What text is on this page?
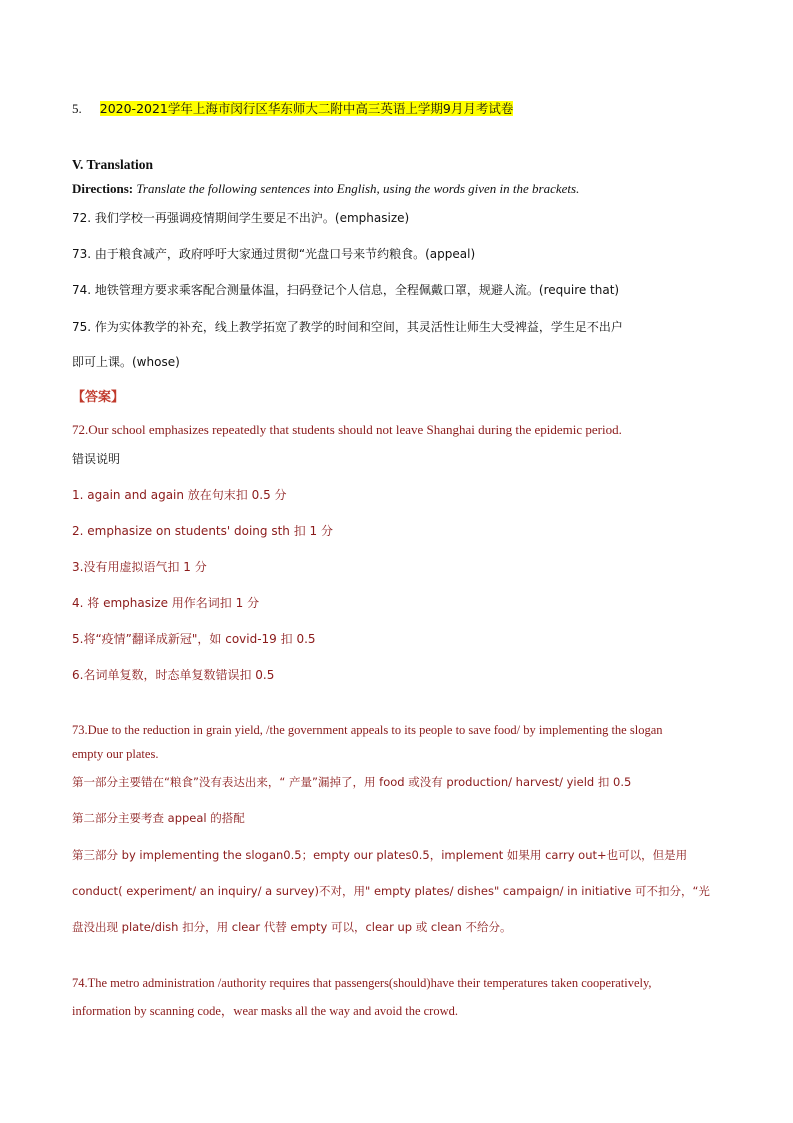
5. 2020-2021学年上海市闵行区华东师大二附中高三英语上学期9月月考试卷
V. Translation
Directions: Translate the following sentences into English, using the words given in the brackets.
72. 我们学校一再强调疫情期间学生要足不出沪。(emphasize)
73. 由于粮食减产，政府呼吁大家通过贯彻“光盘口号来节约粮食。(appeal)
74. 地铁管理方要求乘客配合测量体温，扫码登记个人信息，全程佩戴口罩，规避人流。(require that)
75. 作为实体教学的补充，线上教学拓宽了教学的时间和空间，其灵活性让师生大受裨益，学生足不出户
即可上课。(whose)
【答案】
72.Our school emphasizes repeatedly that students should not leave Shanghai during the epidemic period.
错误说明
1. again and again 放在句末扣 0.5 分
2. emphasize on students' doing sth 扣 1 分
3.没有用虚拟语气扣 1 分
4. 将 emphasize 用作名词扣 1 分
5.将“疫情”翻译成新冠"，如 covid-19 扣 0.5
6.名词单复数，时态单复数错误扣 0.5
73.Due to the reduction in grain yield, /the government appeals to its people to save food/ by implementing the slogan
empty our plates.
第一部分主要错在“粮食”没有表达出来，“ 产量”漏掉了，用 food 或没有 production/ harvest/ yield 扣 0.5
第二部分主要考查 appeal 的搭配
第三部分 by implementing the slogan0.5；empty our plates0.5，implement 如果用 carry out+也可以，但是用
conduct( experiment/ an inquiry/ a survey)不对，用" empty plates/ dishes" campaign/ in initiative 可不扣分，“光
盘没出现 plate/dish 扣分，用 clear 代替 empty 可以，clear up 或 clean 不给分。
74.The metro administration /authority requires that passengers(should)have their temperatures taken cooperatively,
information by scanning code，wear masks all the way and avoid the crowd.
